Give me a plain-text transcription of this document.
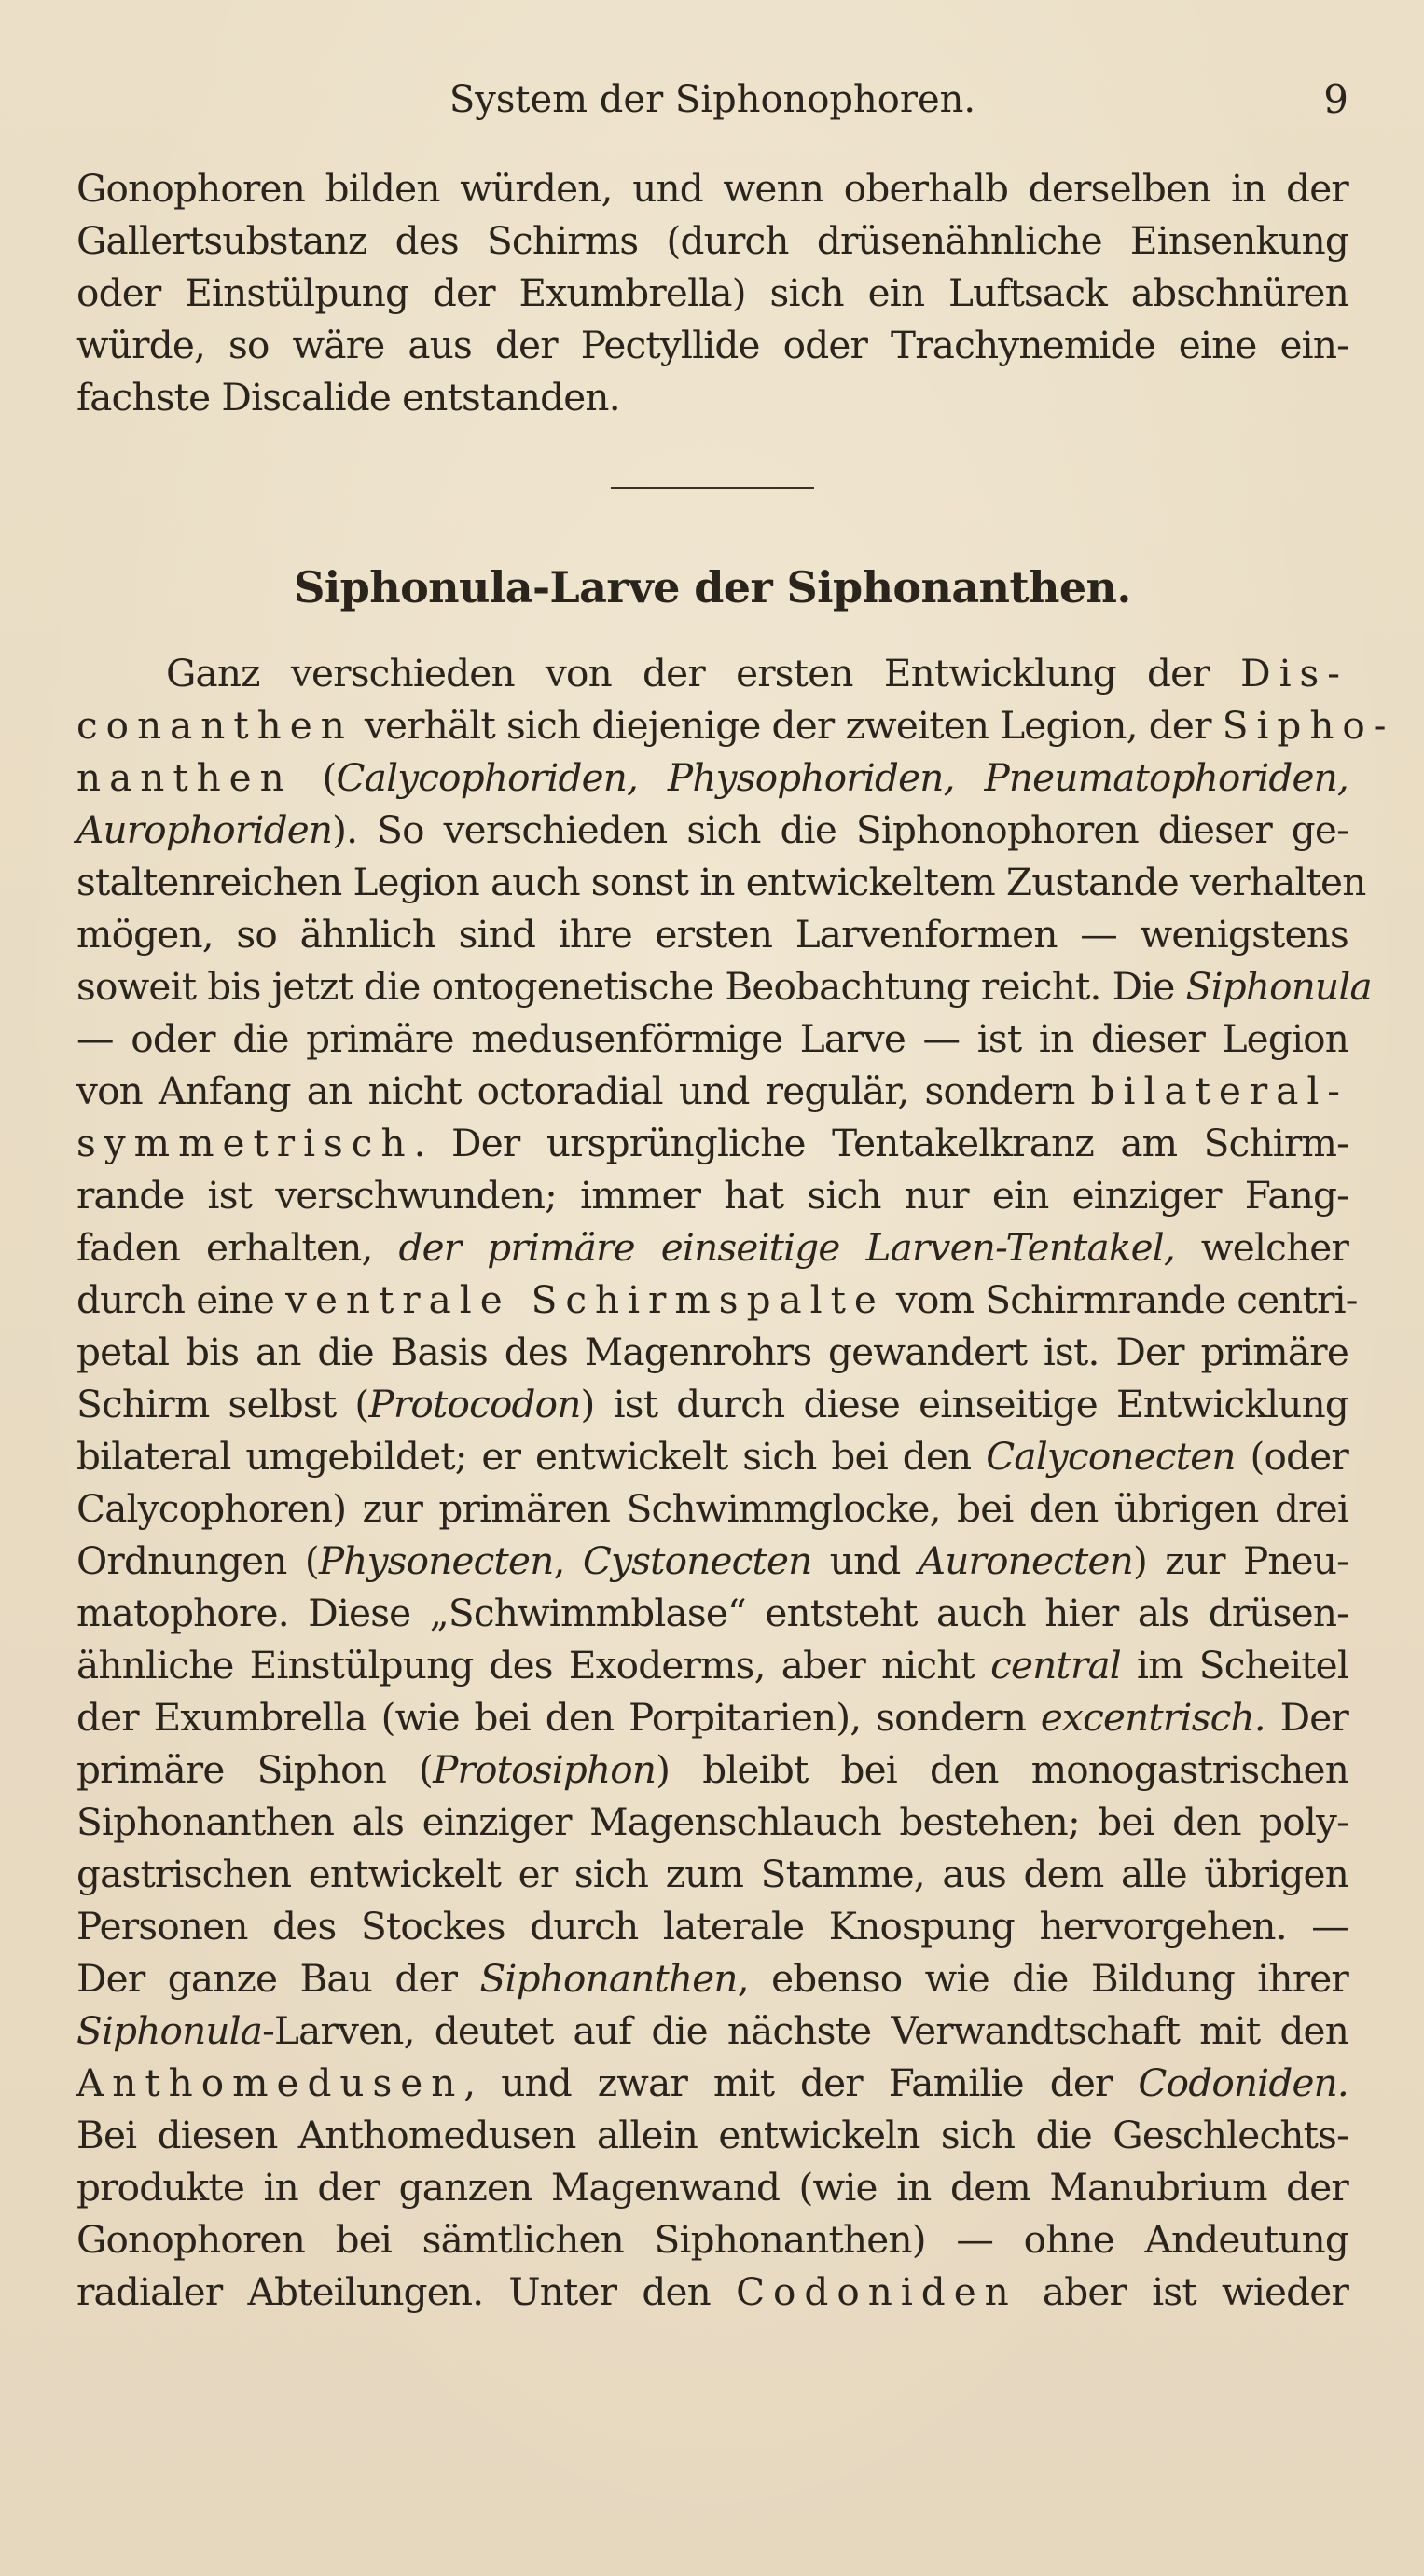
System der Siphonophoren.	9
Gonophoren bilden würden, und wenn oberhalb derselben in der
Gallertsubstanz des Schirms (durch drüsenähnliche Einsenkung
oder Einstülpung der Exumbrella) sich ein Luftsack abschnüren
würde, so wäre aus der Pectyllide oder Trachynemide eine ein-
fachste Discalide entstanden.
Siphonula-Larve der Siphonanthen.
Ganz verschieden von der ersten Entwicklung der Dis-
conanthen verhält sich diejenige der zweiten Legion, der Sipho-
nanthen (Calycophoriden, Physophoriden, Pneumatophoriden,
Aurophoriden). So verschieden sich die Siphonophoren dieser ge-
staltenreichen Legion auch sonst in entwickeltem Zustande verhalten
mögen, so ähnlich sind ihre ersten Larvenformen — wenigstens
soweit bis jetzt die ontogenetische Beobachtung reicht. Die Siphonula
— oder die primäre medusenförmige Larve — ist in dieser Legion
von Anfang an nicht octoradial und regulär, sondern bilateral-
symmetrisch. Der ursprüngliche Tentakelkranz am Schirm-
rande ist verschwunden; immer hat sich nur ein einziger Fang-
faden erhalten, der primäre einseitige Larven-Tentakel, welcher
durch eine ventrale Schirmspalte vom Schirmrande centri-
petal bis an die Basis des Magenrohrs gewandert ist. Der primäre
Schirm selbst (Protocodon) ist durch diese einseitige Entwicklung
bilateral umgebildet; er entwickelt sich bei den Calyconecten (oder
Calycophoren) zur primären Schwimmglocke, bei den übrigen drei
Ordnungen (Physonecten, Cystonecten und Auronecten) zur Pneu-
matophore. Diese „Schwimmblase“ entsteht auch hier als drüsen-
ähnliche Einstülpung des Exoderms, aber nicht central im Scheitel
der Exumbrella (wie bei den Porpitarien), sondern excentrisch. Der
primäre Siphon (Protosiphon) bleibt bei den monogastrischen
Siphonanthen als einziger Magenschlauch bestehen; bei den poly-
gastrischen entwickelt er sich zum Stamme, aus dem alle übrigen
Personen des Stockes durch laterale Knospung hervorgehen. —
Der ganze Bau der Siphonanthen, ebenso wie die Bildung ihrer
Siphonula-Larven, deutet auf die nächste Verwandtschaft mit den
Anthomedusen, und zwar mit der Familie der Codoniden.
Bei diesen Anthomedusen allein entwickeln sich die Geschlechts-
produkte in der ganzen Magenwand (wie in dem Manubrium der
Gonophoren bei sämtlichen Siphonanthen) — ohne Andeutung
radialer Abteilungen. Unter den Codoniden aber ist wieder
